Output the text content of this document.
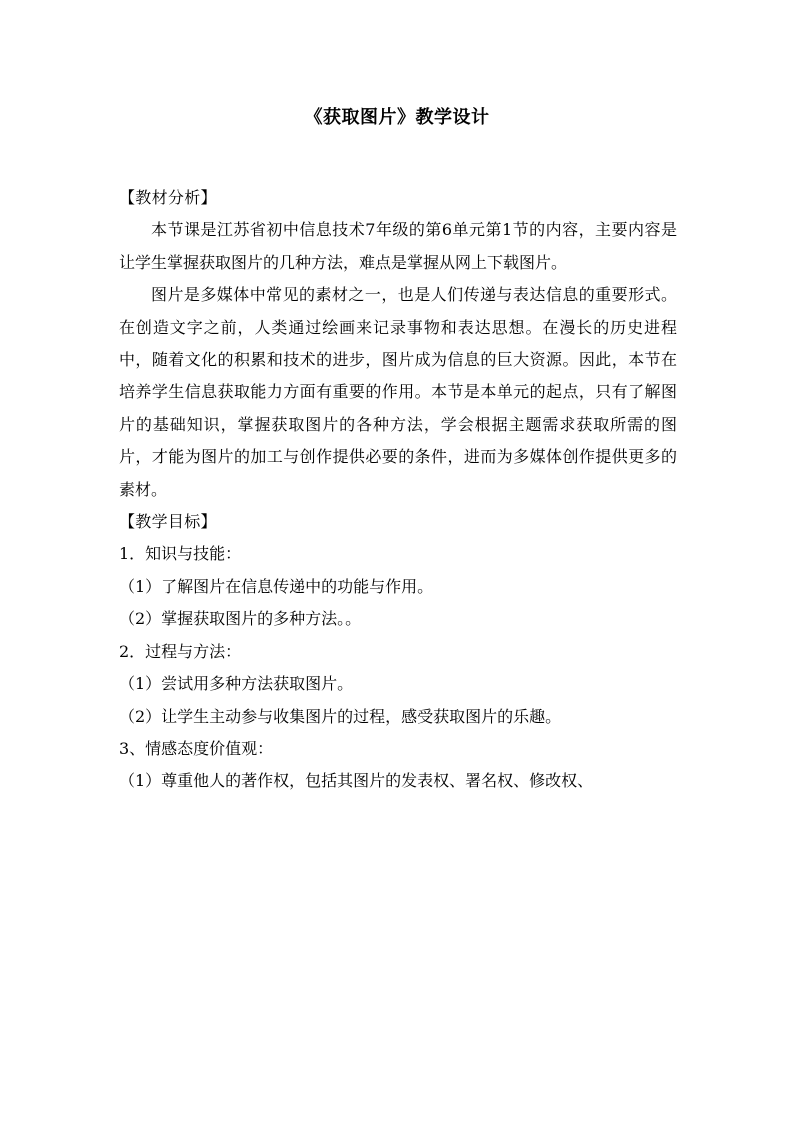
《获取图片》教学设计

【教材分析】

本节课是江苏省初中信息技术7年级的第6单元第1节的内容，主要内容是让学生掌握获取图片的几种方法，难点是掌握从网上下载图片。

图片是多媒体中常见的素材之一，也是人们传递与表达信息的重要形式。在创造文字之前，人类通过绘画来记录事物和表达思想。在漫长的历史进程中，随着文化的积累和技术的进步，图片成为信息的巨大资源。因此，本节在培养学生信息获取能力方面有重要的作用。本节是本单元的起点，只有了解图片的基础知识，掌握获取图片的各种方法，学会根据主题需求获取所需的图片，才能为图片的加工与创作提供必要的条件，进而为多媒体创作提供更多的素材。

【教学目标】

1．知识与技能：

（1）了解图片在信息传递中的功能与作用。

（2）掌握获取图片的多种方法。。

2．过程与方法：

（1）尝试用多种方法获取图片。

（2）让学生主动参与收集图片的过程，感受获取图片的乐趣。

3、情感态度价值观：

（1）尊重他人的著作权，包括其图片的发表权、署名权、修改权、
